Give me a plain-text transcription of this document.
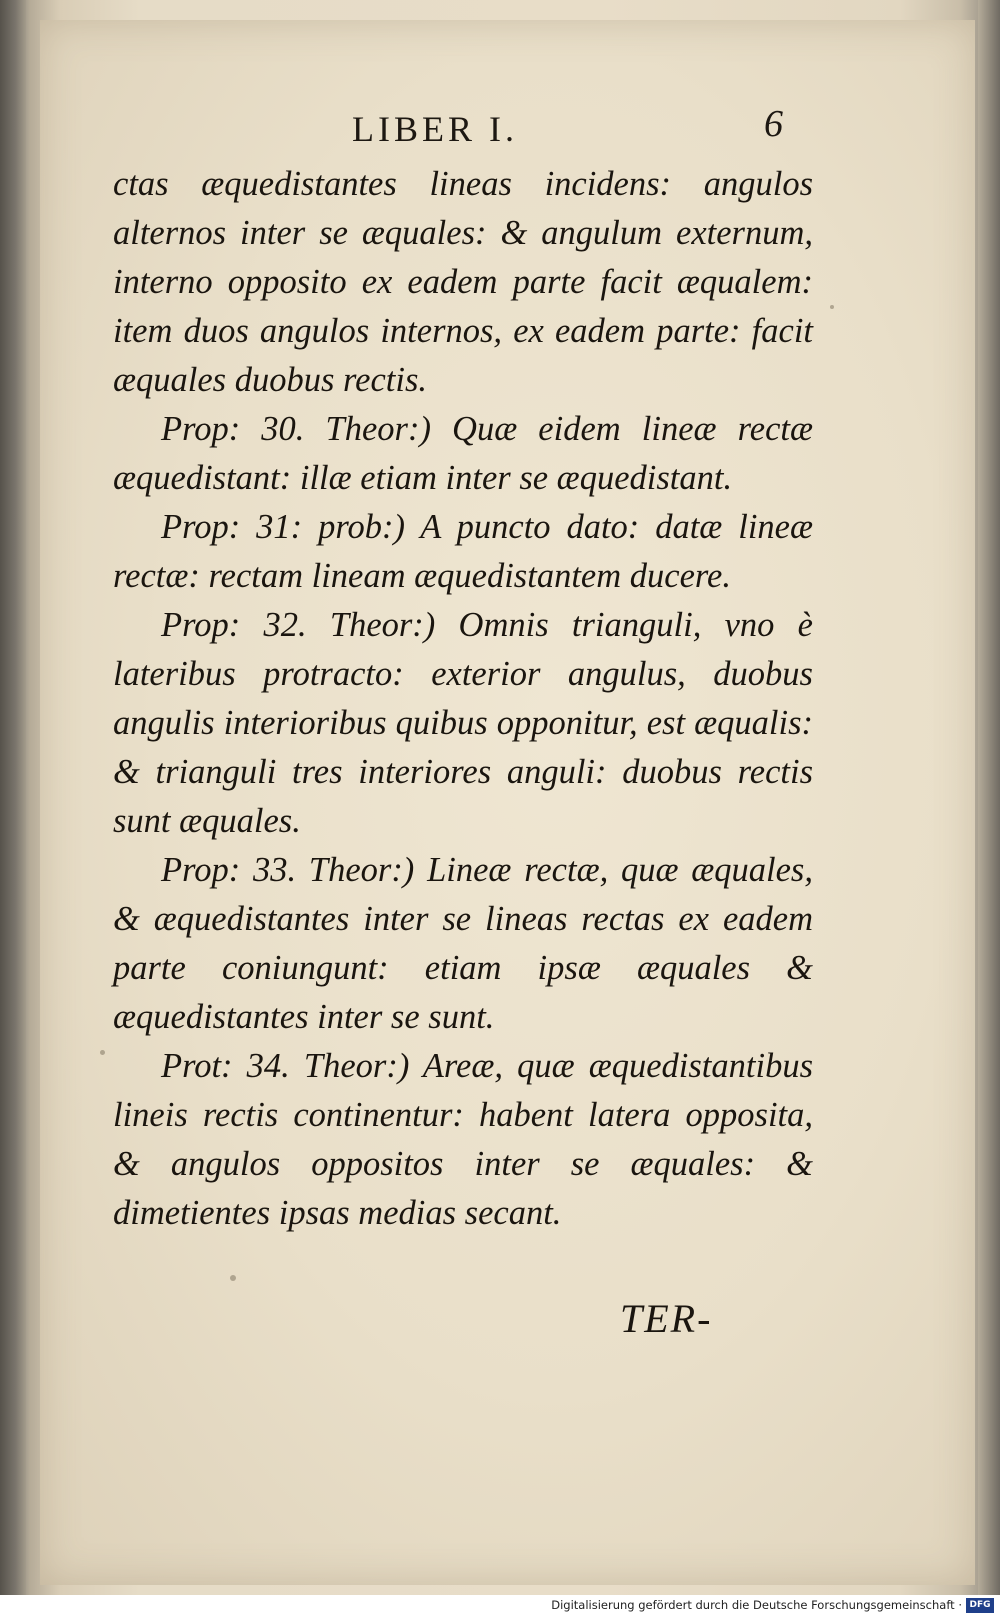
LIBER I.	6

ctas æquedistantes lineas incidens: angulos alternos inter se æquales: & angulum externum, interno opposito ex eadem parte facit æqualem: item duos angulos internos, ex eadem parte: facit æquales duobus rectis.

Prop: 30. Theor:) Quæ eidem lineæ rectæ æquedistant: illæ etiam inter se æquedistant.

Prop: 31: prob:) A puncto dato: datæ lineæ rectæ: rectam lineam æquedistantem ducere.

Prop: 32. Theor:) Omnis trianguli, vno è lateribus protracto: exterior angulus, duobus angulis interioribus quibus opponitur, est æqualis: & trianguli tres interiores anguli: duobus rectis sunt æquales.

Prop: 33. Theor:) Lineæ rectæ, quæ æquales, & æquedistantes inter se lineas rectas ex eadem parte coniungunt: etiam ipsæ æquales & æquedistantes inter se sunt.

Prot: 34. Theor:) Areæ, quæ æquedistantibus lineis rectis continentur: habent latera opposita, & angulos oppositos inter se æquales: & dimetientes ipsas medias secant.

TER-
Digitalisierung gefördert durch die Deutsche Forschungsgemeinschaft · DFG
